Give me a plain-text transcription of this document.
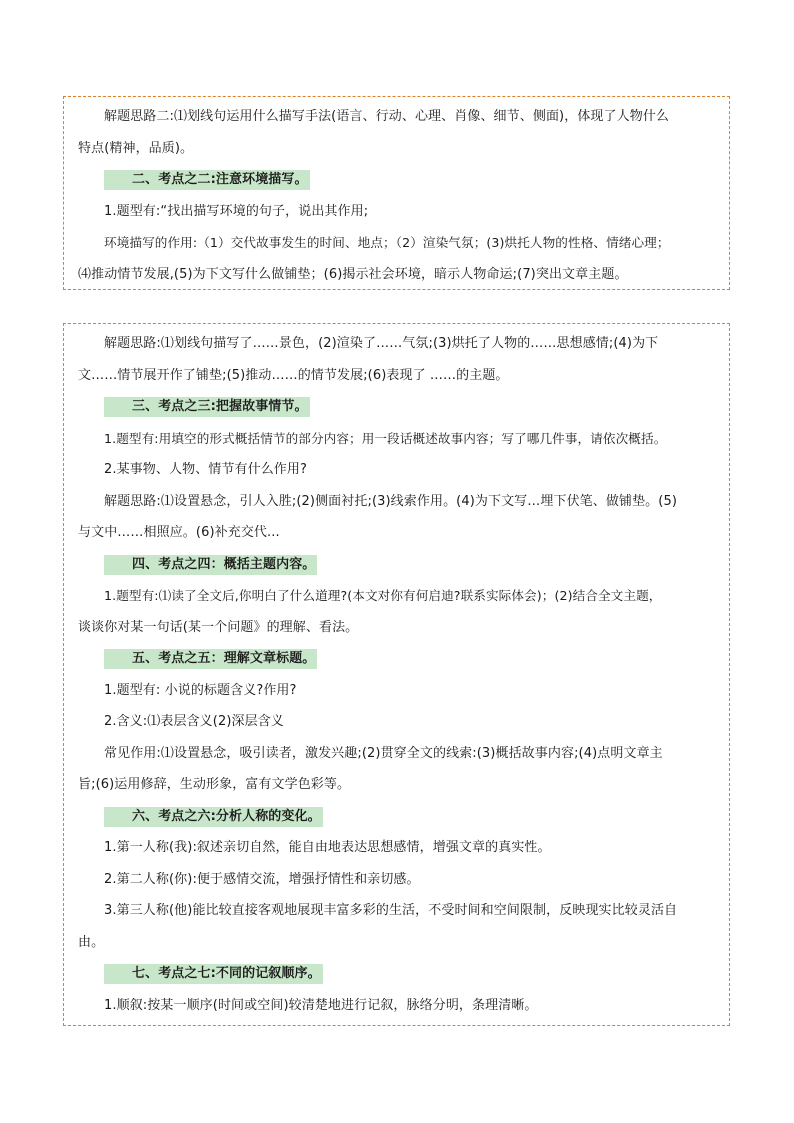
解题思路二:⑴划线句运用什么描写手法(语言、行动、心理、肖像、细节、侧面)，体现了人物什么
特点(精神，品质)。
二、考点之二:注意环境描写。
1.题型有:“找出描写环境的句子，说出其作用;
环境描写的作用:（1）交代故事发生的时间、地点；（2）渲染气氛；(3)烘托人物的性格、情绪心理；
⑷推动情节发展,(5)为下文写什么做铺垫；(6)揭示社会环境，暗示人物命运;(7)突出文章主题。
解题思路:⑴划线句描写了……景色，(2)渲染了……气氛;(3)烘托了人物的……思想感情;(4)为下
文……情节展开作了铺垫;(5)推动……的情节发展;(6)表现了 ……的主题。
三、考点之三:把握故事情节。
1.题型有:用填空的形式概括情节的部分内容；用一段话概述故事内容；写了哪几件事，请依次概括。
2.某事物、人物、情节有什么作用?
解题思路:⑴设置悬念，引人入胜;(2)侧面衬托;(3)线索作用。(4)为下文写…埋下伏笔、做铺垫。(5)
与文中……相照应。(6)补充交代...
四、考点之四：概括主题内容。
1.题型有:⑴读了全文后,你明白了什么道理?(本文对你有何启迪?联系实际体会)；(2)结合全文主题，
谈谈你对某一句话(某一个问题》的理解、看法。
五、考点之五：理解文章标题。
1.题型有: 小说的标题含义?作用?
2.含义:⑴表层含义(2)深层含义
常见作用:⑴设置悬念，吸引读者，激发兴趣;(2)贯穿全文的线索:(3)概括故事内容;(4)点明文章主
旨;(6)运用修辞，生动形象，富有文学色彩等。
六、考点之六:分析人称的变化。
1.第一人称(我):叙述亲切自然，能自由地表达思想感情，增强文章的真实性。
2.第二人称(你):便于感情交流，增强抒情性和亲切感。
3.第三人称(他)能比较直接客观地展现丰富多彩的生活，不受时间和空间限制，反映现实比较灵活自
由。
七、考点之七:不同的记叙顺序。
1.顺叙:按某一顺序(时间或空间)较清楚地进行记叙，脉络分明，条理清晰。
